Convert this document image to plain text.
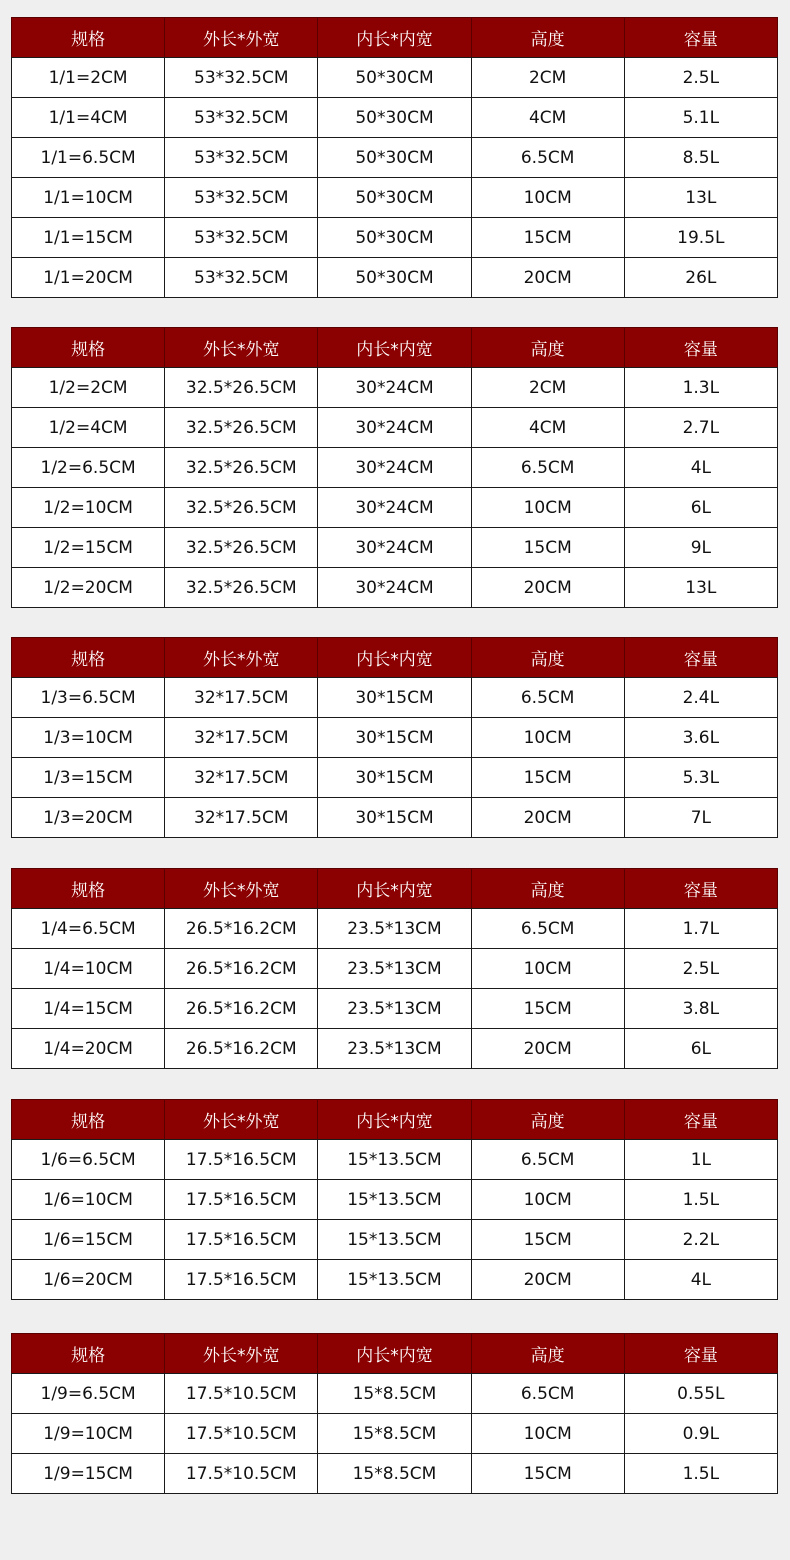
规格	外长*外宽	内长*内宽	高度	容量
1/1=2CM	53*32.5CM	50*30CM	2CM	2.5L
1/1=4CM	53*32.5CM	50*30CM	4CM	5.1L
1/1=6.5CM	53*32.5CM	50*30CM	6.5CM	8.5L
1/1=10CM	53*32.5CM	50*30CM	10CM	13L
1/1=15CM	53*32.5CM	50*30CM	15CM	19.5L
1/1=20CM	53*32.5CM	50*30CM	20CM	26L
规格	外长*外宽	内长*内宽	高度	容量
1/2=2CM	32.5*26.5CM	30*24CM	2CM	1.3L
1/2=4CM	32.5*26.5CM	30*24CM	4CM	2.7L
1/2=6.5CM	32.5*26.5CM	30*24CM	6.5CM	4L
1/2=10CM	32.5*26.5CM	30*24CM	10CM	6L
1/2=15CM	32.5*26.5CM	30*24CM	15CM	9L
1/2=20CM	32.5*26.5CM	30*24CM	20CM	13L
规格	外长*外宽	内长*内宽	高度	容量
1/3=6.5CM	32*17.5CM	30*15CM	6.5CM	2.4L
1/3=10CM	32*17.5CM	30*15CM	10CM	3.6L
1/3=15CM	32*17.5CM	30*15CM	15CM	5.3L
1/3=20CM	32*17.5CM	30*15CM	20CM	7L
规格	外长*外宽	内长*内宽	高度	容量
1/4=6.5CM	26.5*16.2CM	23.5*13CM	6.5CM	1.7L
1/4=10CM	26.5*16.2CM	23.5*13CM	10CM	2.5L
1/4=15CM	26.5*16.2CM	23.5*13CM	15CM	3.8L
1/4=20CM	26.5*16.2CM	23.5*13CM	20CM	6L
规格	外长*外宽	内长*内宽	高度	容量
1/6=6.5CM	17.5*16.5CM	15*13.5CM	6.5CM	1L
1/6=10CM	17.5*16.5CM	15*13.5CM	10CM	1.5L
1/6=15CM	17.5*16.5CM	15*13.5CM	15CM	2.2L
1/6=20CM	17.5*16.5CM	15*13.5CM	20CM	4L
规格	外长*外宽	内长*内宽	高度	容量
1/9=6.5CM	17.5*10.5CM	15*8.5CM	6.5CM	0.55L
1/9=10CM	17.5*10.5CM	15*8.5CM	10CM	0.9L
1/9=15CM	17.5*10.5CM	15*8.5CM	15CM	1.5L
